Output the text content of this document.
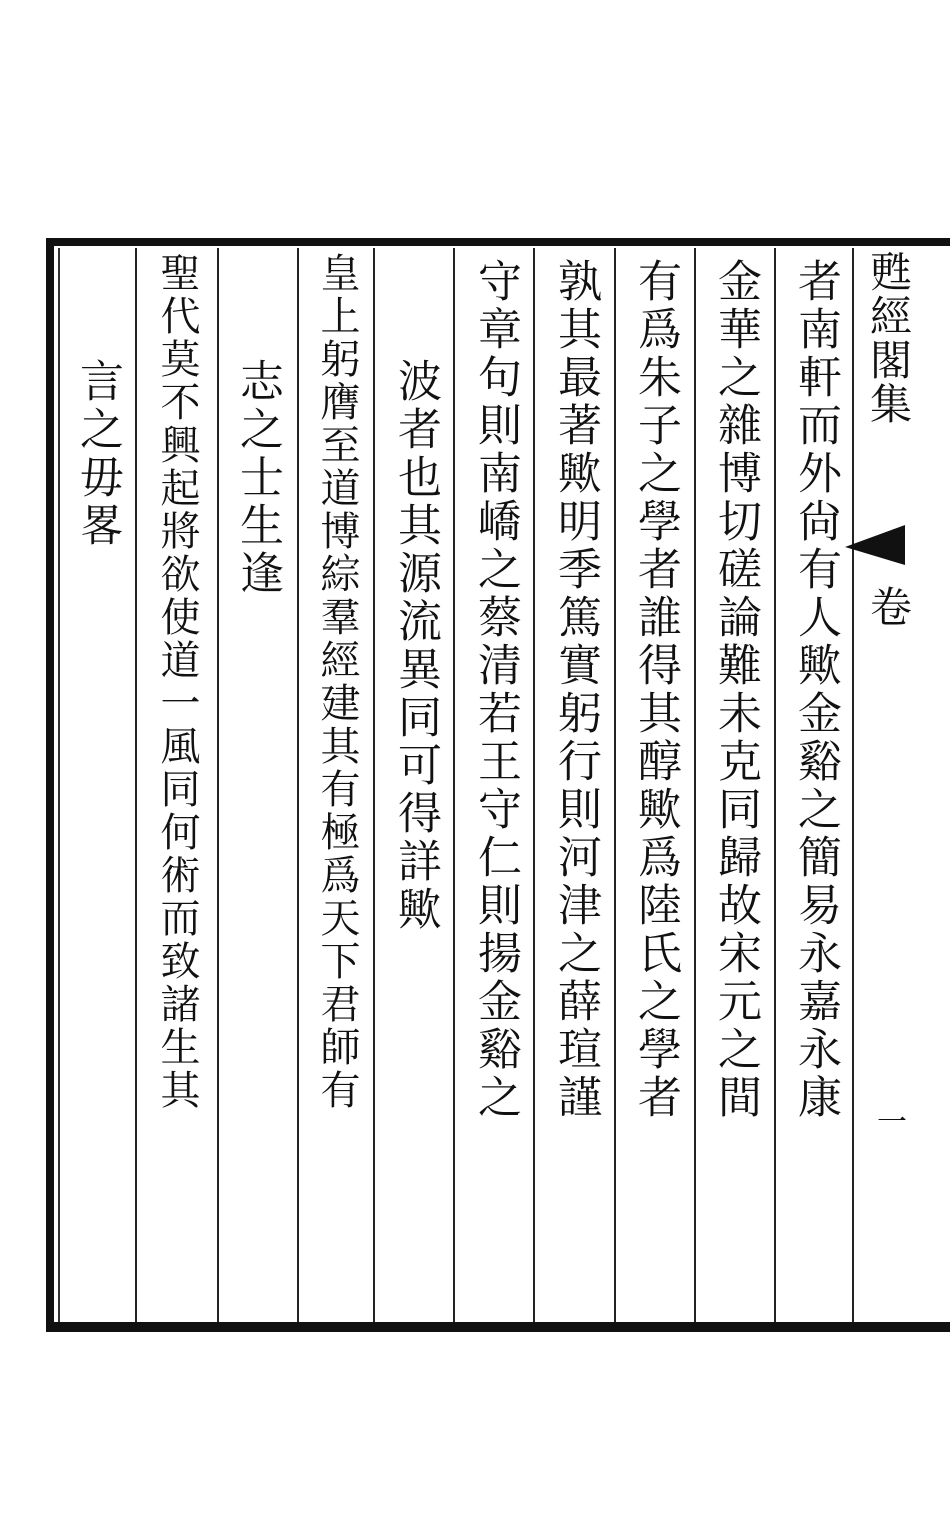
甦經閣集
卷
一
者南軒而外尙有人歟金谿之簡易永嘉永康
金華之雜博切磋論難未克同歸故宋元之間
有爲朱子之學者誰得其醇歟爲陸氏之學者
孰其最著歟明季篤實躬行則河津之薛瑄謹
守章句則南嶠之蔡清若王守仁則揚金谿之
波者也其源流異同可得詳歟
皇上躬膺至道博綜羣經建其有極爲天下君師有
志之士生逢
聖代莫不興起將欲使道一風同何術而致諸生其
言之毋畧
